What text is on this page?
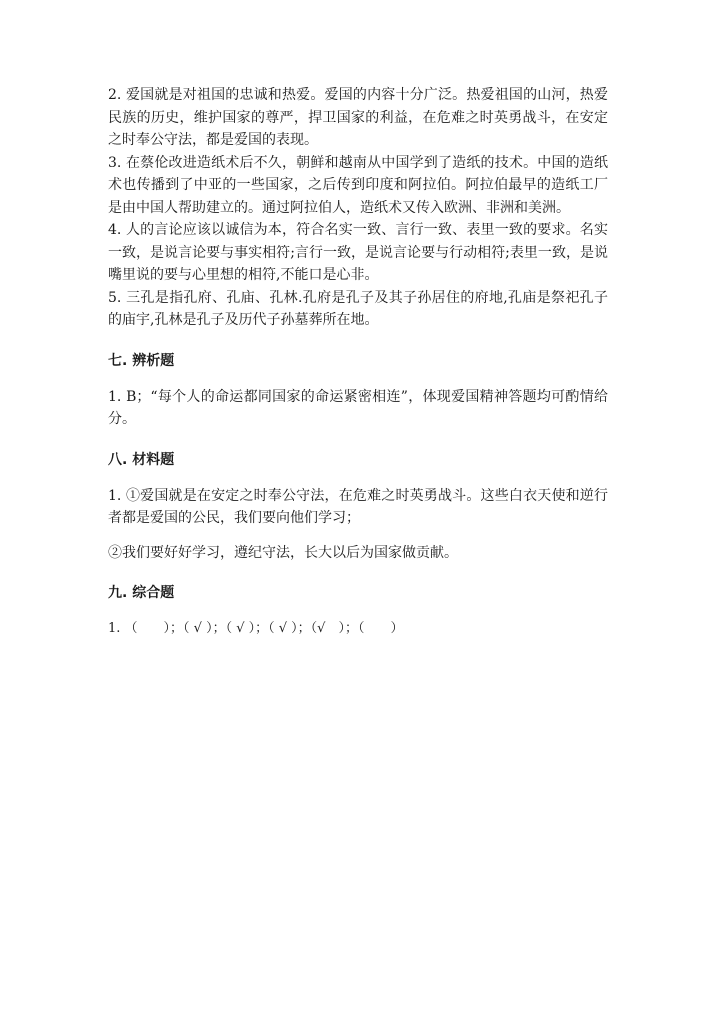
2. 爱国就是对祖国的忠诚和热爱。爱国的内容十分广泛。热爱祖国的山河，热爱民族的历史，维护国家的尊严，捍卫国家的利益，在危难之时英勇战斗，在安定之时奉公守法，都是爱国的表现。

3. 在蔡伦改进造纸术后不久，朝鲜和越南从中国学到了造纸的技术。中国的造纸术也传播到了中亚的一些国家，之后传到印度和阿拉伯。阿拉伯最早的造纸工厂是由中国人帮助建立的。通过阿拉伯人，造纸术又传入欧洲、非洲和美洲。

4. 人的言论应该以诚信为本，符合名实一致、言行一致、表里一致的要求。名实一致，是说言论要与事实相符;言行一致，是说言论要与行动相符;表里一致，是说嘴里说的要与心里想的相符,不能口是心非。

5. 三孔是指孔府、孔庙、孔林.孔府是孔子及其子孙居住的府地,孔庙是祭祀孔子的庙宇,孔林是孔子及历代子孙墓葬所在地。

七. 辨析题

1. B；“每个人的命运都同国家的命运紧密相连”，体现爱国精神答题均可酌情给分。

八. 材料题

1. ①爱国就是在安定之时奉公守法，在危难之时英勇战斗。这些白衣天使和逆行者都是爱国的公民，我们要向他们学习；

②我们要好好学习，遵纪守法，长大以后为国家做贡献。

九. 综合题

1. （　　）；（ √ ）；（ √ ）；（ √ ）；（√　）；（　　）
